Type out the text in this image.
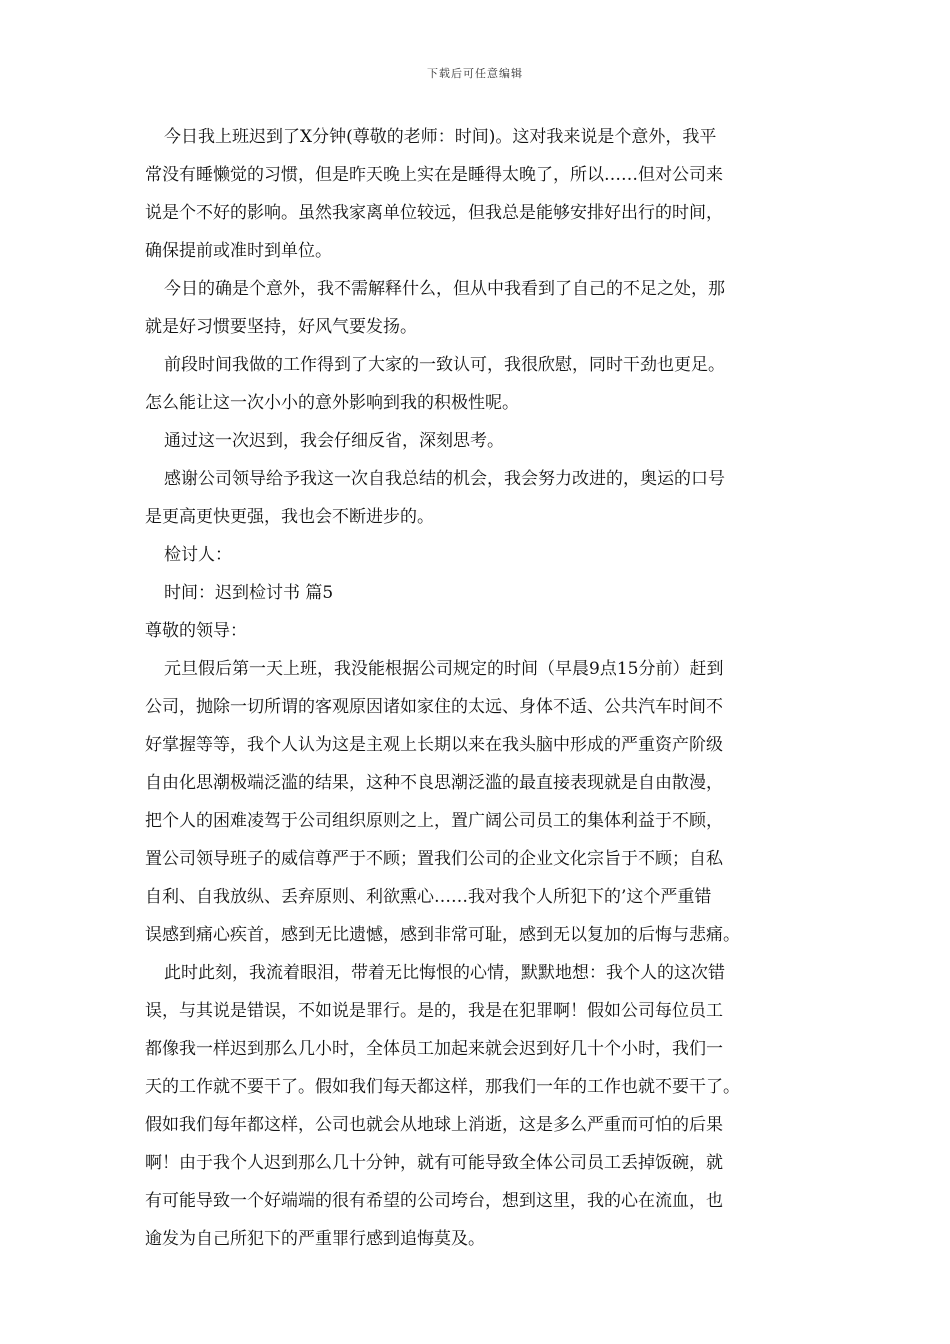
下载后可任意编辑

今日我上班迟到了X分钟(尊敬的老师：时间)。这对我来说是个意外，我平
常没有睡懒觉的习惯，但是昨天晚上实在是睡得太晚了，所以……但对公司来
说是个不好的影响。虽然我家离单位较远，但我总是能够安排好出行的时间，
确保提前或准时到单位。

今日的确是个意外，我不需解释什么，但从中我看到了自己的不足之处，那
就是好习惯要坚持，好风气要发扬。

前段时间我做的工作得到了大家的一致认可，我很欣慰，同时干劲也更足。
怎么能让这一次小小的意外影响到我的积极性呢。

通过这一次迟到，我会仔细反省，深刻思考。

感谢公司领导给予我这一次自我总结的机会，我会努力改进的，奥运的口号
是更高更快更强，我也会不断进步的。

检讨人：

时间：迟到检讨书 篇5

尊敬的领导：

元旦假后第一天上班，我没能根据公司规定的时间（早晨9点15分前）赶到
公司，抛除一切所谓的客观原因诸如家住的太远、身体不适、公共汽车时间不
好掌握等等，我个人认为这是主观上长期以来在我头脑中形成的严重资产阶级
自由化思潮极端泛滥的结果，这种不良思潮泛滥的最直接表现就是自由散漫，
把个人的困难凌驾于公司组织原则之上，置广阔公司员工的集体利益于不顾，
置公司领导班子的威信尊严于不顾；置我们公司的企业文化宗旨于不顾；自私
自利、自我放纵、丢弃原则、利欲熏心……我对我个人所犯下的’这个严重错
误感到痛心疾首，感到无比遗憾，感到非常可耻，感到无以复加的后悔与悲痛。

此时此刻，我流着眼泪，带着无比悔恨的心情，默默地想：我个人的这次错
误，与其说是错误，不如说是罪行。是的，我是在犯罪啊！假如公司每位员工
都像我一样迟到那么几小时，全体员工加起来就会迟到好几十个小时，我们一
天的工作就不要干了。假如我们每天都这样，那我们一年的工作也就不要干了。
假如我们每年都这样，公司也就会从地球上消逝，这是多么严重而可怕的后果
啊！由于我个人迟到那么几十分钟，就有可能导致全体公司员工丢掉饭碗，就
有可能导致一个好端端的很有希望的公司垮台，想到这里，我的心在流血，也
逾发为自己所犯下的严重罪行感到追悔莫及。
